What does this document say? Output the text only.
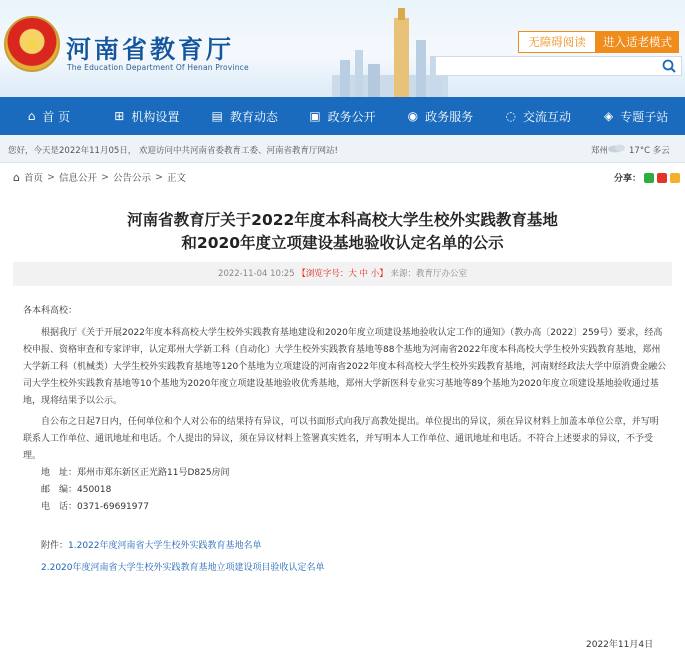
★	河南省教育厅
The Education Department Of Henan Province
无障碍阅读	进入适老模式
⌂ 首 页	⊞ 机构设置	▤ 教育动态	▣ 政务公开	◉ 政务服务	◌ 交流互动	◈ 专题子站
您好，今天是2022年11月05日， 欢迎访问中共河南省委教育工委、河南省教育厅网站!	郑州 17°C 多云
⌂ 首页 > 信息公开 > 公告公示 > 正文	分享：
河南省教育厅关于2022年度本科高校大学生校外实践教育基地
和2020年度立项建设基地验收认定名单的公示
2022-11-04 10:25 【浏览字号：大 中 小】 来源：教育厅办公室

各本科高校：

根据我厅《关于开展2022年度本科高校大学生校外实践教育基地建设和2020年度立项建设基地验收认定工作的通知》（教办高〔2022〕259号）要求，经高校申报、资格审查和专家评审，认定郑州大学新工科（自动化）大学生校外实践教育基地等88个基地为河南省2022年度本科高校大学生校外实践教育基地，郑州大学新工科（机械类）大学生校外实践教育基地等120个基地为立项建设的河南省2022年度本科高校大学生校外实践教育基地，河南财经政法大学中原消费金融公司大学生校外实践教育基地等10个基地为2020年度立项建设基地验收优秀基地，郑州大学新医科专业实习基地等89个基地为2020年度立项建设基地验收通过基地，现将结果予以公示。

自公布之日起7日内，任何单位和个人对公布的结果持有异议，可以书面形式向我厅高教处提出。单位提出的异议，须在异议材料上加盖本单位公章，并写明联系人工作单位、通讯地址和电话。个人提出的异议，须在异议材料上签署真实姓名，并写明本人工作单位、通讯地址和电话。不符合上述要求的异议，不予受理。

地　址：郑州市郑东新区正光路11号D825房间

邮　编：450018

电　话：0371-69691977

附件：1.2022年度河南省大学生校外实践教育基地名单

2.2020年度河南省大学生校外实践教育基地立项建设项目验收认定名单

2022年11月4日
